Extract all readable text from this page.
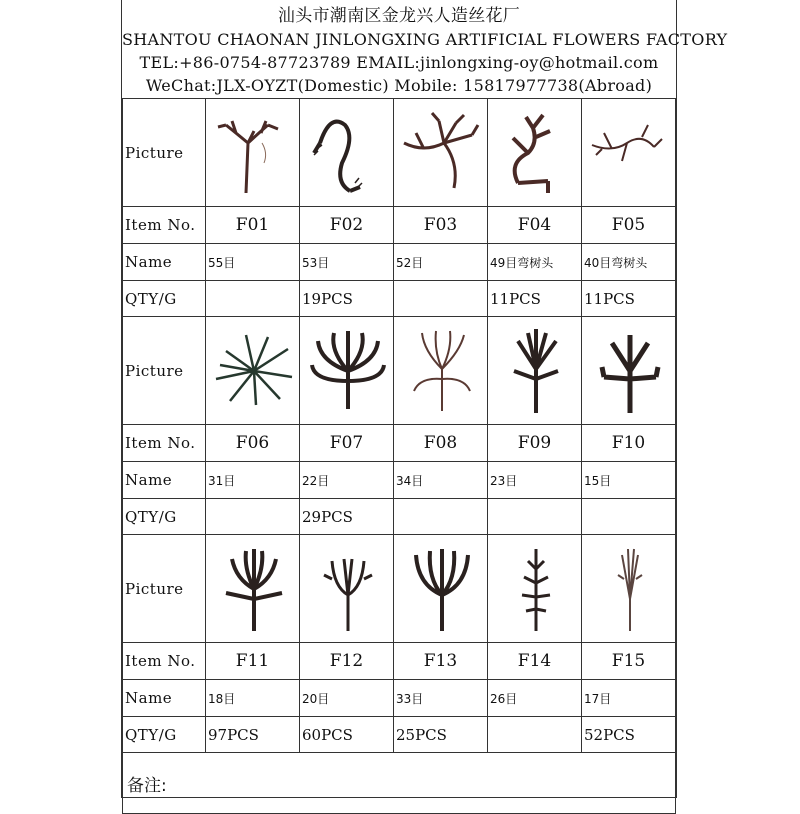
汕头市潮南区金龙兴人造丝花厂
SHANTOU CHAONAN JINLONGXING ARTIFICIAL FLOWERS FACTORY
TEL:+86-0754-87723789 EMAIL:jinlongxing-oy@hotmail.com
WeChat:JLX-OYZT(Domestic) Mobile: 15817977738(Abroad)
Picture	

Item No.	F01	F02	F03	F04	F05
Name	55目	53目	52目	49目弯树头	40目弯树头
QTY/G		19PCS		11PCS	11PCS
Picture	

Item No.	F06	F07	F08	F09	F10
Name	31目	22目	34目	23目	15目
QTY/G		29PCS			
Picture	

Item No.	F11	F12	F13	F14	F15
Name	18目	20目	33目	26目	17目
QTY/G	97PCS	60PCS	25PCS		52PCS
备注:					
